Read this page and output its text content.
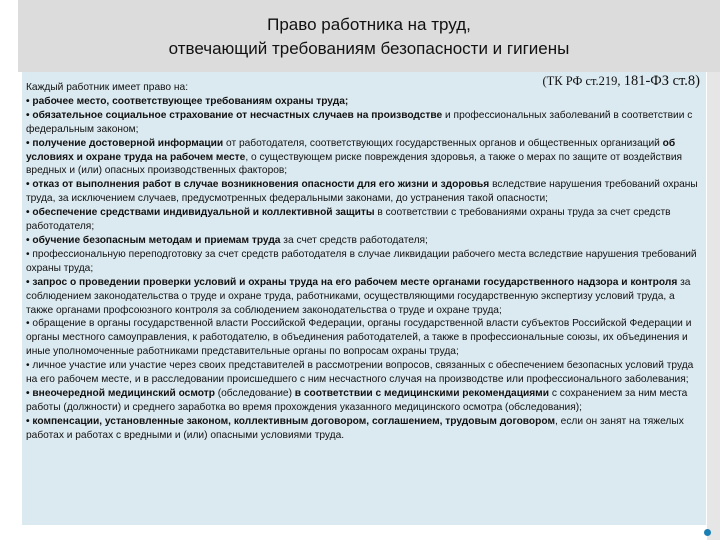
Право работника на труд,
отвечающий требованиям безопасности и гигиены
(ТК РФ ст.219, 181-ФЗ ст.8)

Каждый работник имеет право на:

• рабочее место, соответствующее требованиям охраны труда;

• обязательное социальное страхование от несчастных случаев на производстве и профессиональных заболеваний в соответствии с федеральным законом;

• получение достоверной информации от работодателя, соответствующих государственных органов и общественных организаций об условиях и охране труда на рабочем месте, о существующем риске повреждения здоровья, а также о мерах по защите от воздействия вредных и (или) опасных производственных факторов;

• отказ от выполнения работ в случае возникновения опасности для его жизни и здоровья вследствие нарушения требований охраны труда, за исключением случаев, предусмотренных федеральными законами, до устранения такой опасности;

• обеспечение средствами индивидуальной и коллективной защиты в соответствии с требованиями охраны труда за счет средств работодателя;

• обучение безопасным методам и приемам труда за счет средств работодателя;

• профессиональную переподготовку за счет средств работодателя в случае ликвидации рабочего места вследствие нарушения требований охраны труда;

• запрос о проведении проверки условий и охраны труда на его рабочем месте органами государственного надзора и контроля за соблюдением законодательства о труде и охране труда, работниками, осуществляющими государственную экспертизу условий труда, а также органами профсоюзного контроля за соблюдением законодательства о труде и охране труда;

• обращение в органы государственной власти Российской Федерации, органы государственной власти субъектов Российской Федерации и органы местного самоуправления, к работодателю, в объединения работодателей, а также в профессиональные союзы, их объединения и иные уполномоченные работниками представительные органы по вопросам охраны труда;

• личное участие или участие через своих представителей в рассмотрении вопросов, связанных с обеспечением безопасных условий труда на его рабочем месте, и в расследовании происшедшего с ним несчастного случая на производстве или профессионального заболевания;

• внеочередной медицинский осмотр (обследование) в соответствии с медицинскими рекомендациями с сохранением за ним места работы (должности) и среднего заработка во время прохождения указанного медицинского осмотра (обследования);

• компенсации, установленные законом, коллективным договором, соглашением, трудовым договором, если он занят на тяжелых работах и работах с вредными и (или) опасными условиями труда.
